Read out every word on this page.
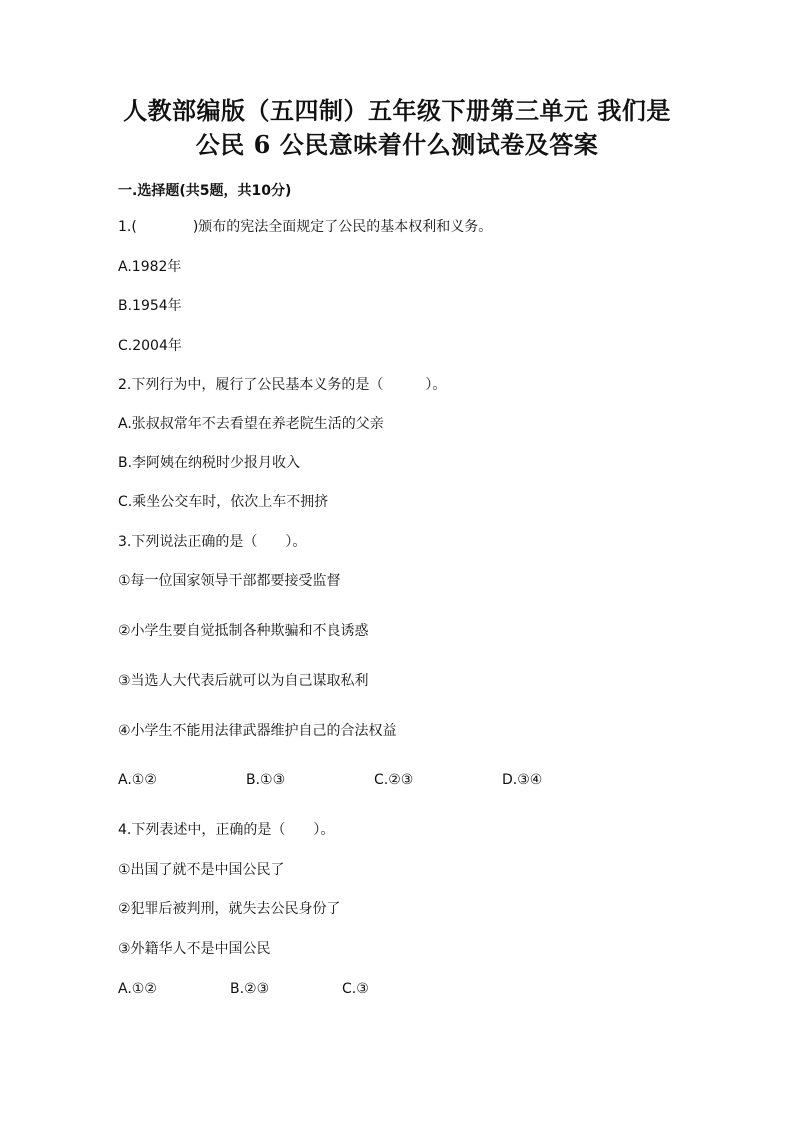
人教部编版（五四制）五年级下册第三单元 我们是
公民 6 公民意味着什么测试卷及答案
一.选择题(共5题，共10分)
1.(　　　　)颁布的宪法全面规定了公民的基本权利和义务。
A.1982年
B.1954年
C.2004年
2.下列行为中，履行了公民基本义务的是（　　　）。
A.张叔叔常年不去看望在养老院生活的父亲
B.李阿姨在纳税时少报月收入
C.乘坐公交车时，依次上车不拥挤
3.下列说法正确的是（　　）。
①每一位国家领导干部都要接受监督
②小学生要自觉抵制各种欺骗和不良诱惑
③当选人大代表后就可以为自己谋取私利
④小学生不能用法律武器维护自己的合法权益
A.①②	B.①③	C.②③	D.③④
4.下列表述中，正确的是（　　）。
①出国了就不是中国公民了
②犯罪后被判刑，就失去公民身份了
③外籍华人不是中国公民
A.①②	B.②③	C.③
